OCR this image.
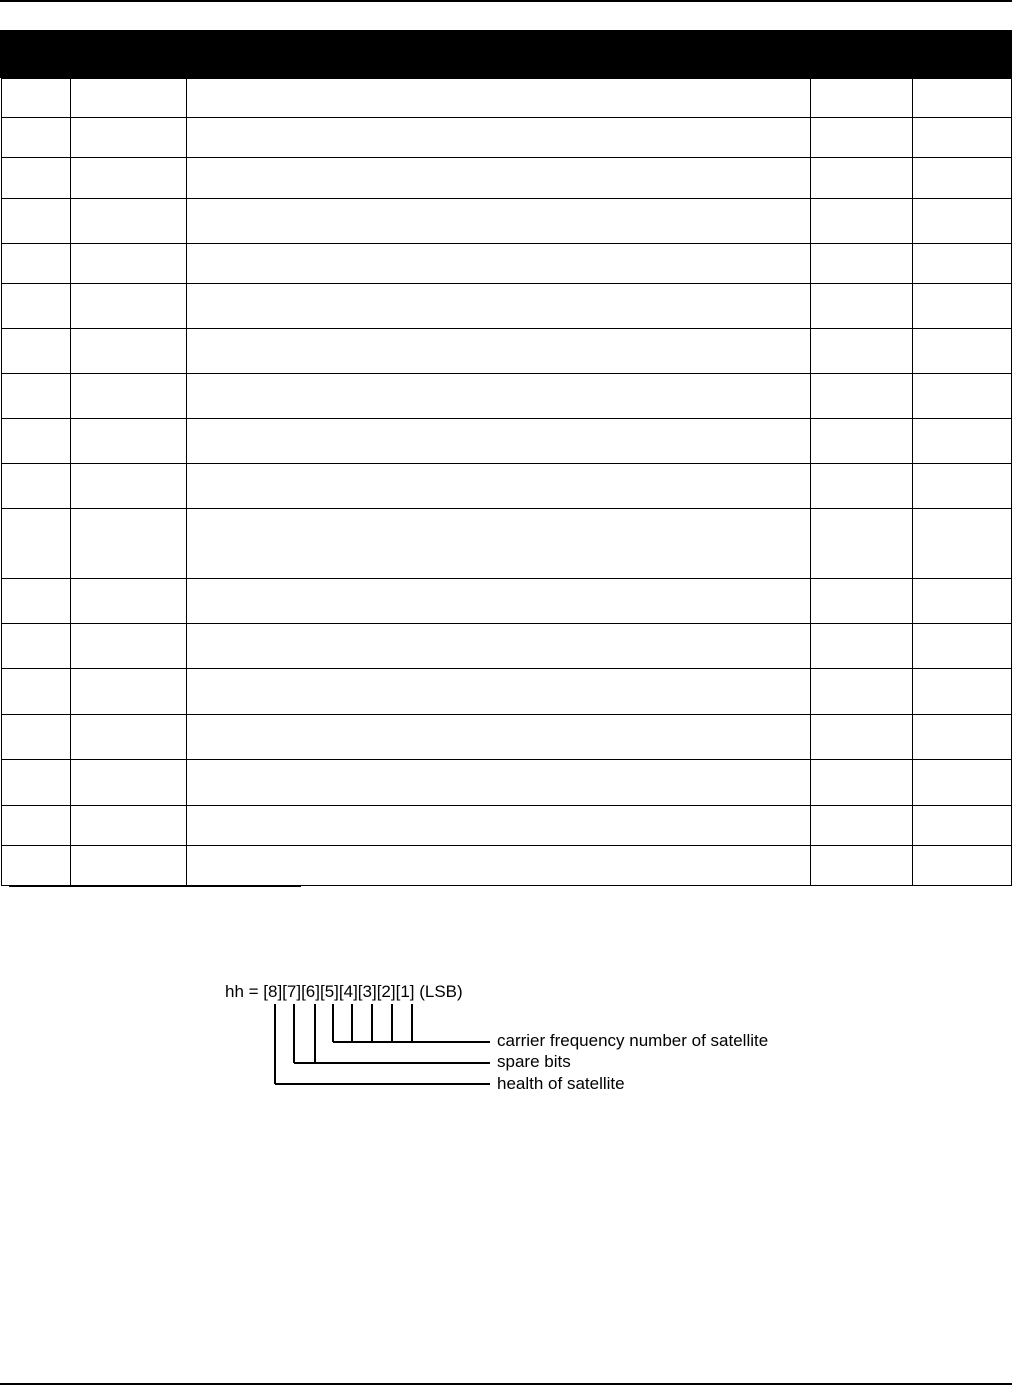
hh = [8][7][6][5][4][3][2][1] (LSB)
carrier frequency number of satellite
spare bits
health of satellite
